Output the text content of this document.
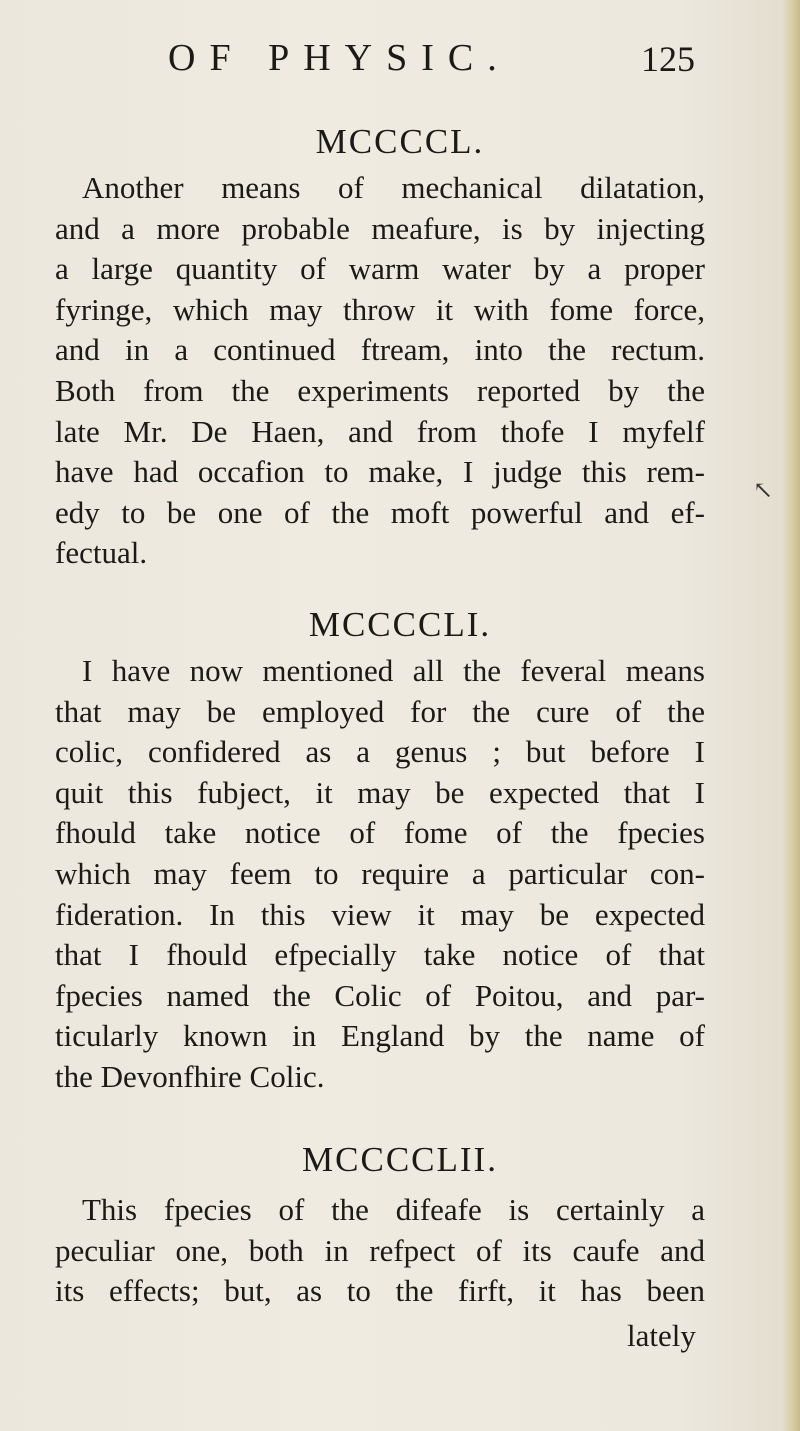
OF PHYSIC.	125
MCCCCL.
Another means of mechanical dilatation,
and a more probable meafure, is by injecting
a large quantity of warm water by a proper
fyringe, which may throw it with fome force,
and in a continued ftream, into the rectum.
Both from the experiments reported by the
late Mr. De Haen, and from thofe I myfelf
have had occafion to make, I judge this rem-
edy to be one of the moft powerful and ef-
fectual.
↖
MCCCCLI.
I have now mentioned all the feveral means
that may be employed for the cure of the
colic, confidered as a genus ; but before I
quit this fubject, it may be expected that I
fhould take notice of fome of the fpecies
which may feem to require a particular con-
fideration. In this view it may be expected
that I fhould efpecially take notice of that
fpecies named the Colic of Poitou, and par-
ticularly known in England by the name of
the Devonfhire Colic.
MCCCCLII.
This fpecies of the difeafe is certainly a
peculiar one, both in refpect of its caufe and
its effects; but, as to the firft, it has been
lately
